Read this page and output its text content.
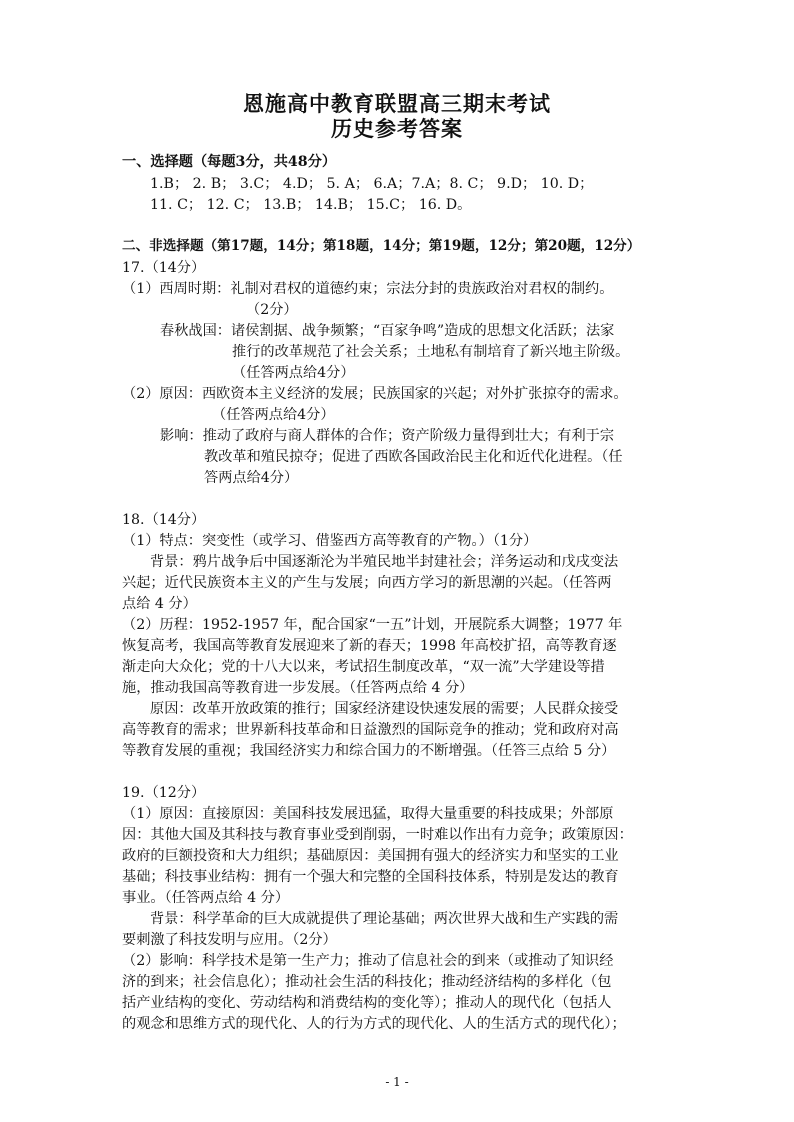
恩施高中教育联盟高三期末考试
历史参考答案
一、选择题（每题3分，共48分）
1.B； 2. B； 3.C； 4.D； 5. A； 6.A；7.A；8. C； 9.D； 10. D；
11. C； 12. C； 13.B； 14.B； 15.C； 16. D。
二、非选择题（第17题，14分；第18题，14分；第19题，12分；第20题，12分）
17.（14分）
（1）西周时期：礼制对君权的道德约束；宗法分封的贵族政治对君权的制约。
（2分）
春秋战国：诸侯割据、战争频繁；“百家争鸣”造成的思想文化活跃；法家
推行的改革规范了社会关系；土地私有制培育了新兴地主阶级。
（任答两点给4分）
（2）原因：西欧资本主义经济的发展；民族国家的兴起；对外扩张掠夺的需求。
（任答两点给4分）
影响：推动了政府与商人群体的合作；资产阶级力量得到壮大；有利于宗
教改革和殖民掠夺；促进了西欧各国政治民主化和近代化进程。（任
答两点给4分）
18.（14分）
（1）特点：突变性（或学习、借鉴西方高等教育的产物。）（1分）
背景：鸦片战争后中国逐渐沦为半殖民地半封建社会；洋务运动和戊戌变法
兴起；近代民族资本主义的产生与发展；向西方学习的新思潮的兴起。（任答两
点给 4 分）
（2）历程：1952-1957 年，配合国家“一五”计划，开展院系大调整；1977 年
恢复高考，我国高等教育发展迎来了新的春天；1998 年高校扩招，高等教育逐
渐走向大众化；党的十八大以来，考试招生制度改革，“双一流”大学建设等措
施，推动我国高等教育进一步发展。（任答两点给 4 分）
原因：改革开放政策的推行；国家经济建设快速发展的需要；人民群众接受
高等教育的需求；世界新科技革命和日益激烈的国际竞争的推动；党和政府对高
等教育发展的重视；我国经济实力和综合国力的不断增强。（任答三点给 5 分）
19.（12分）
（1）原因：直接原因：美国科技发展迅猛，取得大量重要的科技成果；外部原
因：其他大国及其科技与教育事业受到削弱，一时难以作出有力竞争；政策原因：
政府的巨额投资和大力组织；基础原因：美国拥有强大的经济实力和坚实的工业
基础；科技事业结构：拥有一个强大和完整的全国科技体系，特别是发达的教育
事业。（任答两点给 4 分）
背景：科学革命的巨大成就提供了理论基础；两次世界大战和生产实践的需
要刺激了科技发明与应用。（2分）
（2）影响：科学技术是第一生产力；推动了信息社会的到来（或推动了知识经
济的到来；社会信息化）；推动社会生活的科技化；推动经济结构的多样化（包
括产业结构的变化、劳动结构和消费结构的变化等）；推动人的现代化（包括人
的观念和思维方式的现代化、人的行为方式的现代化、人的生活方式的现代化）；
- 1 -
